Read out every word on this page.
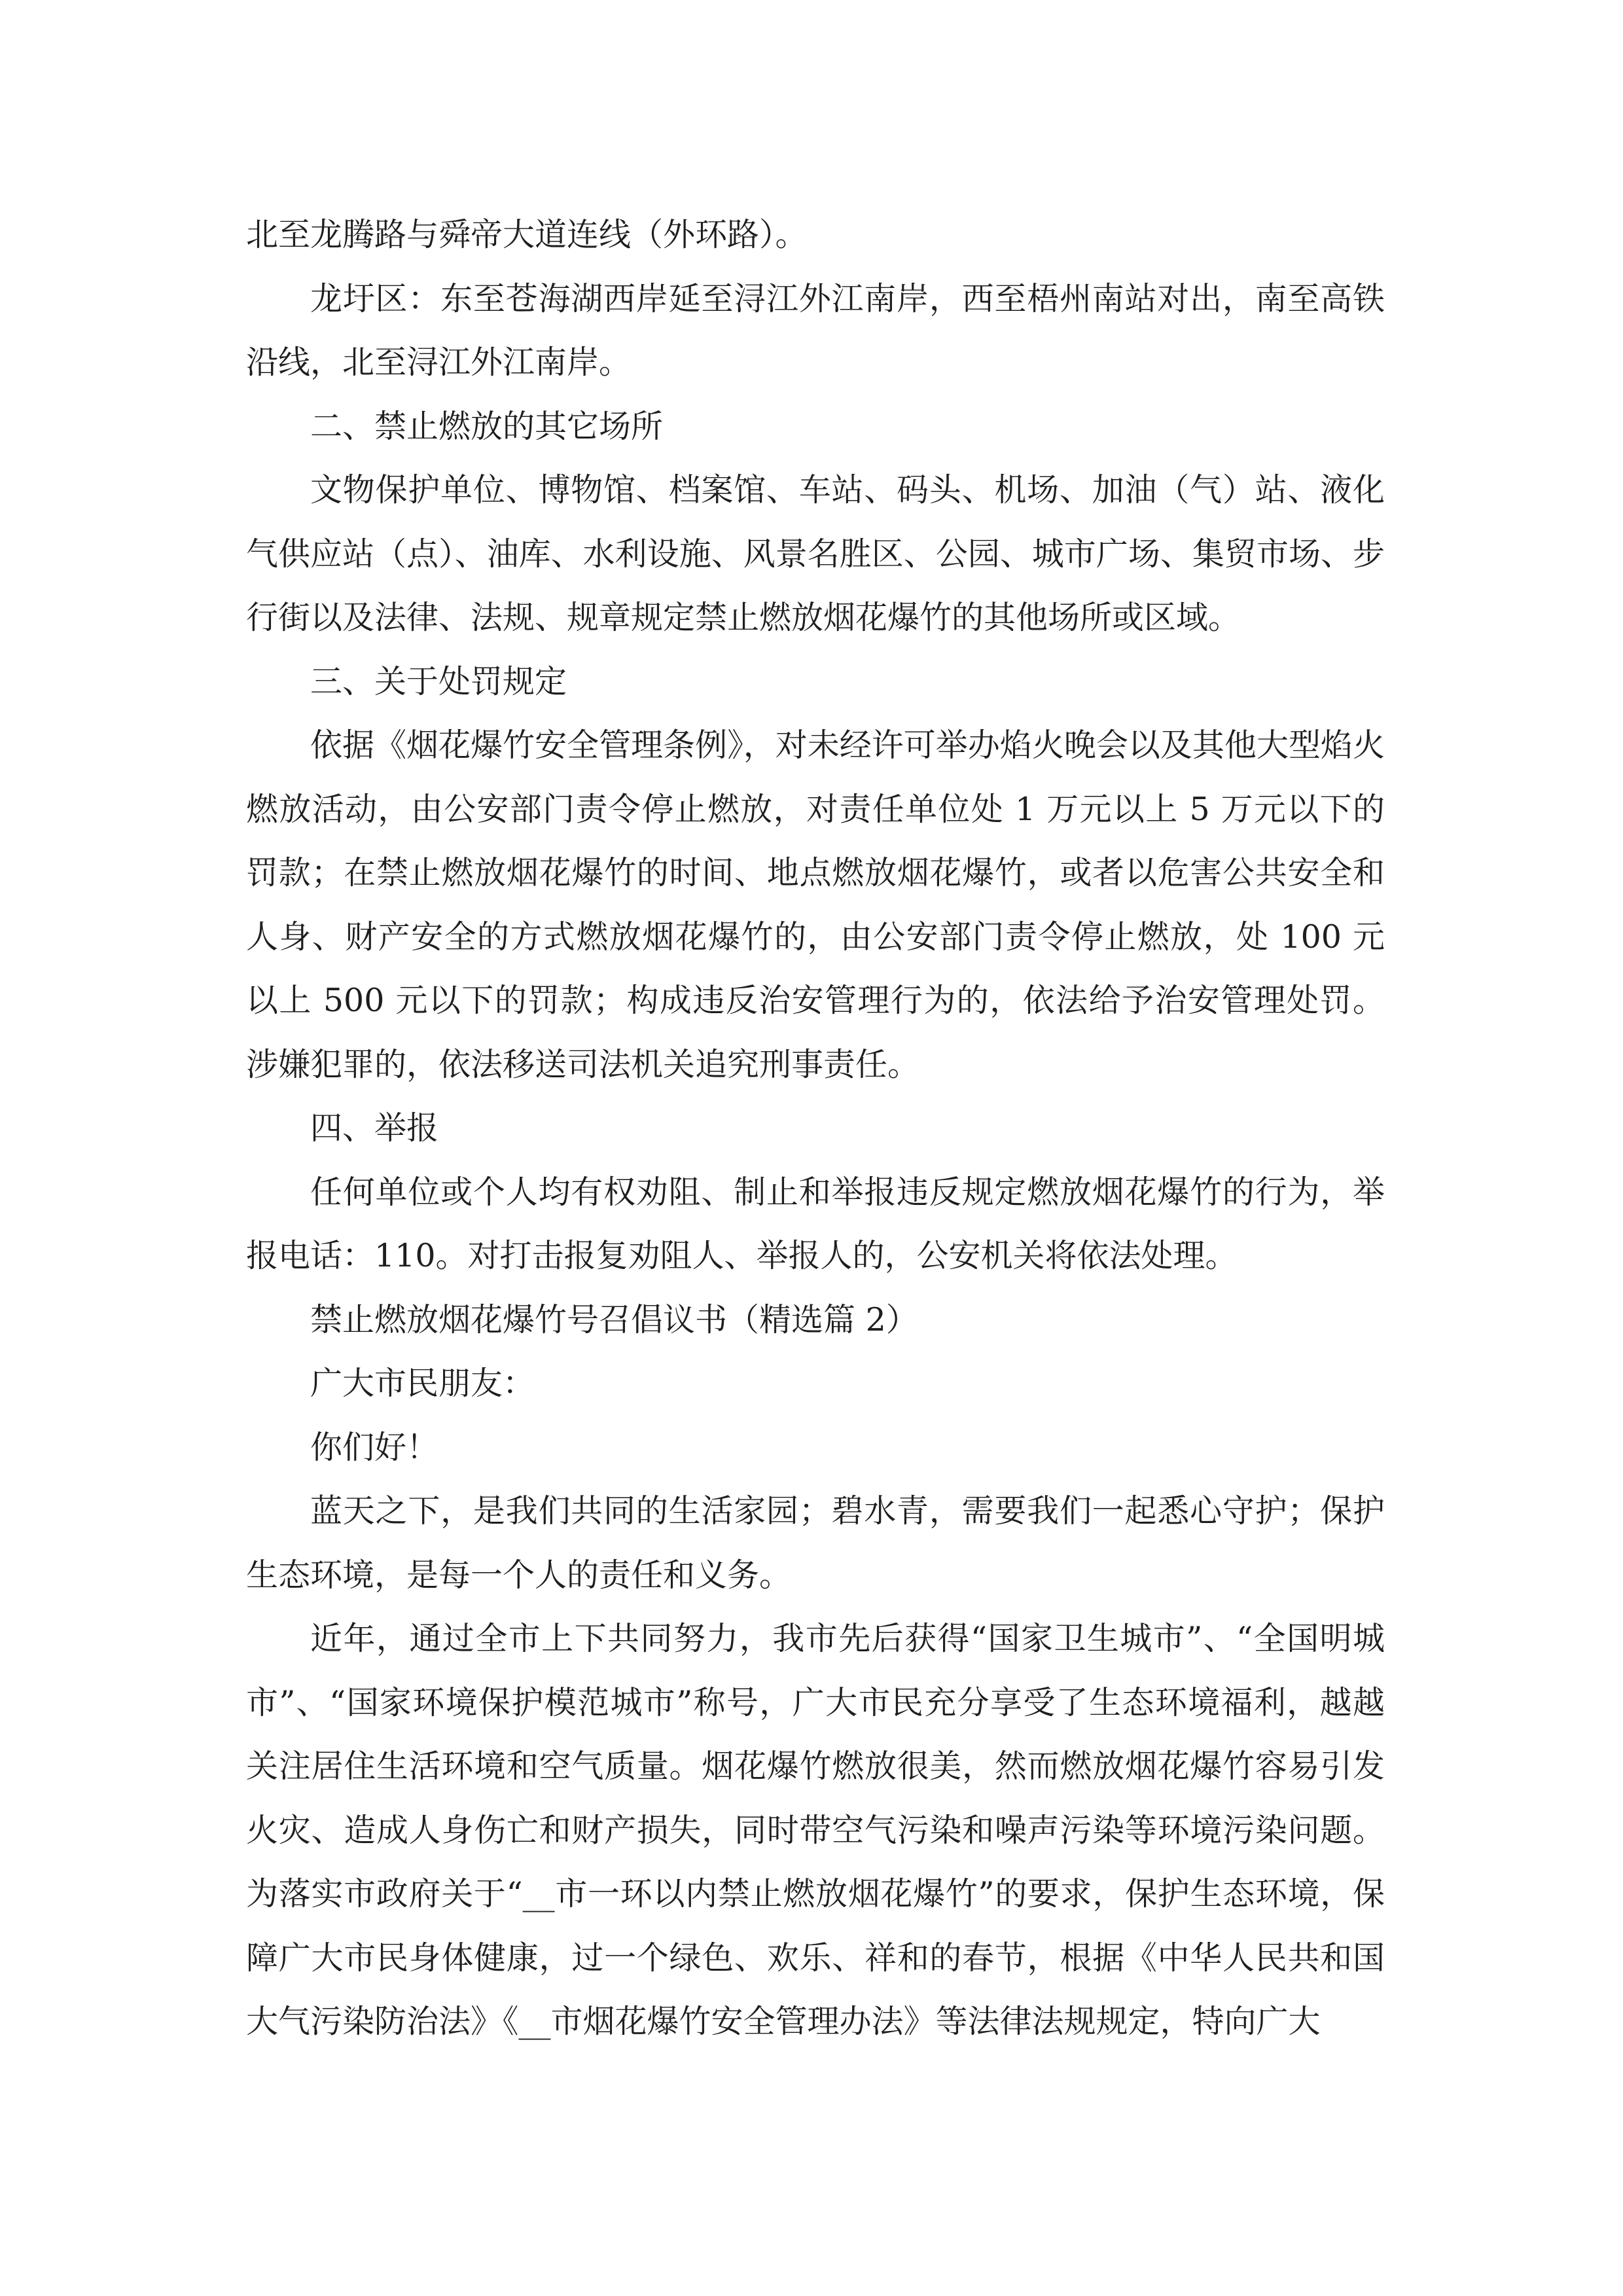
北至龙腾路与舜帝大道连线（外环路）。

龙圩区：东至苍海湖西岸延至浔江外江南岸，西至梧州南站对出，南至高铁沿线，北至浔江外江南岸。

二、禁止燃放的其它场所

文物保护单位、博物馆、档案馆、车站、码头、机场、加油（气）站、液化气供应站（点）、油库、水利设施、风景名胜区、公园、城市广场、集贸市场、步行街以及法律、法规、规章规定禁止燃放烟花爆竹的其他场所或区域。

三、关于处罚规定

依据《烟花爆竹安全管理条例》，对未经许可举办焰火晚会以及其他大型焰火燃放活动，由公安部门责令停止燃放，对责任单位处 1 万元以上 5 万元以下的罚款；在禁止燃放烟花爆竹的时间、地点燃放烟花爆竹，或者以危害公共安全和人身、财产安全的方式燃放烟花爆竹的，由公安部门责令停止燃放，处 100 元以上 500 元以下的罚款；构成违反治安管理行为的，依法给予治安管理处罚。涉嫌犯罪的，依法移送司法机关追究刑事责任。

四、举报

任何单位或个人均有权劝阻、制止和举报违反规定燃放烟花爆竹的行为，举报电话：110。对打击报复劝阻人、举报人的，公安机关将依法处理。

禁止燃放烟花爆竹号召倡议书（精选篇 2）

广大市民朋友：

你们好！

蓝天之下，是我们共同的生活家园；碧水青，需要我们一起悉心守护；保护生态环境，是每一个人的责任和义务。

近年，通过全市上下共同努力，我市先后获得“国家卫生城市”、“全国明城市”、“国家环境保护模范城市”称号，广大市民充分享受了生态环境福利，越越关注居住生活环境和空气质量。烟花爆竹燃放很美，然而燃放烟花爆竹容易引发火灾、造成人身伤亡和财产损失，同时带空气污染和噪声污染等环境污染问题。为落实市政府关于“__市一环以内禁止燃放烟花爆竹”的要求，保护生态环境，保障广大市民身体健康，过一个绿色、欢乐、祥和的春节，根据《中华人民共和国大气污染防治法》《__市烟花爆竹安全管理办法》等法律法规规定，特向广大
